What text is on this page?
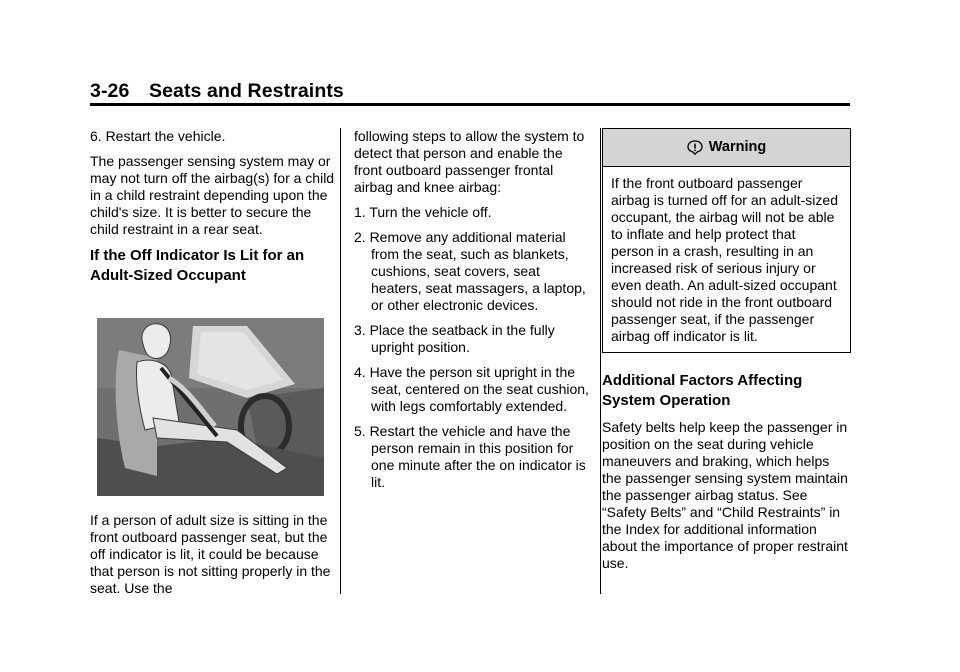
3-26 Seats and Restraints

6. Restart the vehicle.

The passenger sensing system may or may not turn off the airbag(s) for a child in a child restraint depending upon the child's size. It is better to secure the child restraint in a rear seat.

If the Off Indicator Is Lit for an Adult-Sized Occupant

If a person of adult size is sitting in the front outboard passenger seat, but the off indicator is lit, it could be because that person is not sitting properly in the seat. Use the

following steps to allow the system to detect that person and enable the front outboard passenger frontal airbag and knee airbag:

1. Turn the vehicle off.
2. Remove any additional material from the seat, such as blankets, cushions, seat covers, seat heaters, seat massagers, a laptop, or other electronic devices.
3. Place the seatback in the fully upright position.
4. Have the person sit upright in the seat, centered on the seat cushion, with legs comfortably extended.
5. Restart the vehicle and have the person remain in this position for one minute after the on indicator is lit.
Warning
If the front outboard passenger airbag is turned off for an adult-sized occupant, the airbag will not be able to inflate and help protect that person in a crash, resulting in an increased risk of serious injury or even death. An adult-sized occupant should not ride in the front outboard passenger seat, if the passenger airbag off indicator is lit.
Additional Factors Affecting System Operation

Safety belts help keep the passenger in position on the seat during vehicle maneuvers and braking, which helps the passenger sensing system maintain the passenger airbag status. See “Safety Belts” and “Child Restraints” in the Index for additional information about the importance of proper restraint use.
